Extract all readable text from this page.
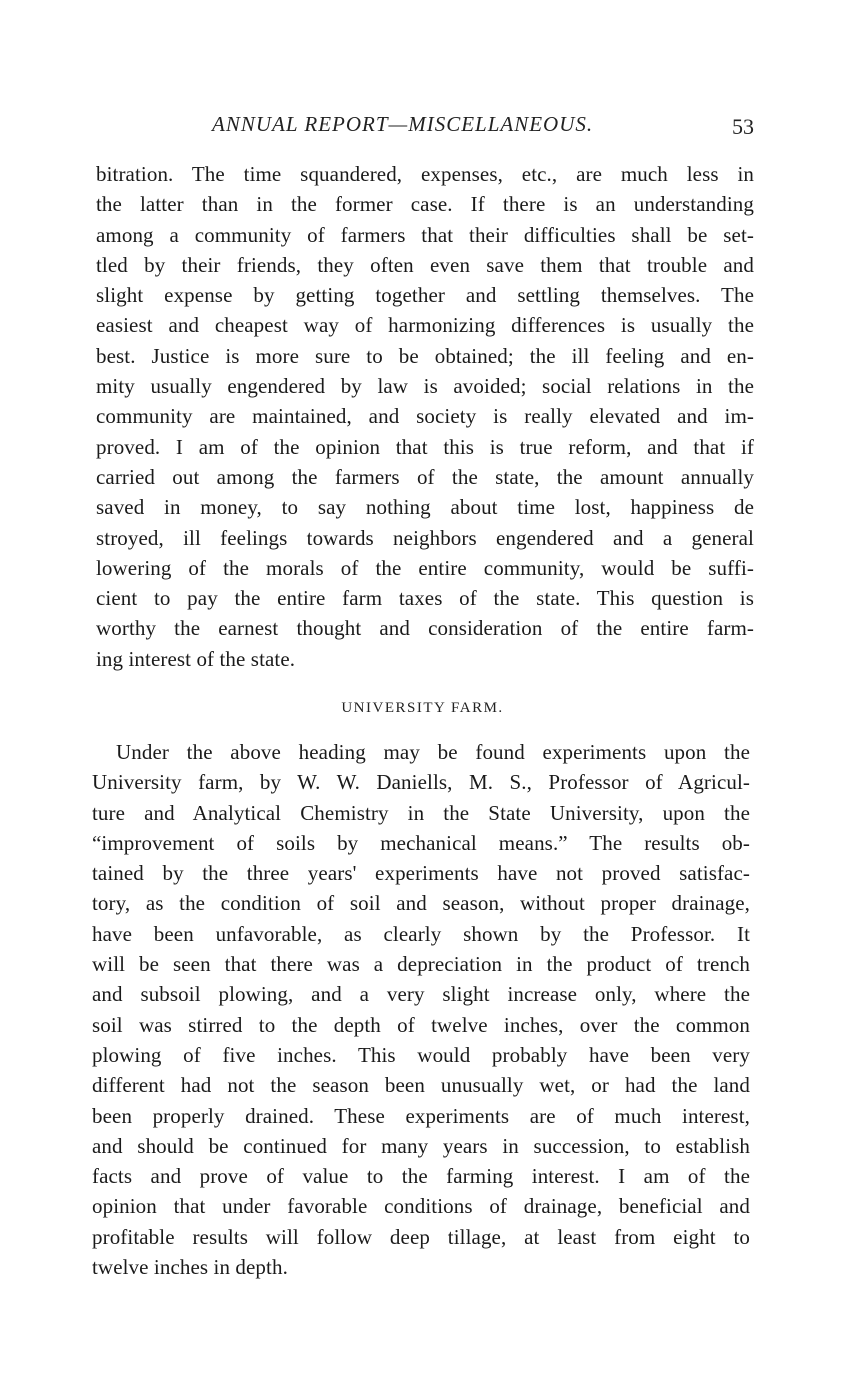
ANNUAL REPORT—MISCELLANEOUS.	53
bitration. The time squandered, expenses, etc., are much less in
the latter than in the former case. If there is an understanding
among a community of farmers that their difficulties shall be set-
tled by their friends, they often even save them that trouble and
slight expense by getting together and settling themselves. The
easiest and cheapest way of harmonizing differences is usually the
best. Justice is more sure to be obtained; the ill feeling and en-
mity usually engendered by law is avoided; social relations in the
community are maintained, and society is really elevated and im-
proved. I am of the opinion that this is true reform, and that if
carried out among the farmers of the state, the amount annually
saved in money, to say nothing about time lost, happiness de
stroyed, ill feelings towards neighbors engendered and a general
lowering of the morals of the entire community, would be suffi-
cient to pay the entire farm taxes of the state. This question is
worthy the earnest thought and consideration of the entire farm-
ing interest of the state.
UNIVERSITY FARM.
Under the above heading may be found experiments upon the
University farm, by W. W. Daniells, M. S., Professor of Agricul-
ture and Analytical Chemistry in the State University, upon the
“improvement of soils by mechanical means.” The results ob-
tained by the three years' experiments have not proved satisfac-
tory, as the condition of soil and season, without proper drainage,
have been unfavorable, as clearly shown by the Professor. It
will be seen that there was a depreciation in the product of trench
and subsoil plowing, and a very slight increase only, where the
soil was stirred to the depth of twelve inches, over the common
plowing of five inches. This would probably have been very
different had not the season been unusually wet, or had the land
been properly drained. These experiments are of much interest,
and should be continued for many years in succession, to establish
facts and prove of value to the farming interest. I am of the
opinion that under favorable conditions of drainage, beneficial and
profitable results will follow deep tillage, at least from eight to
twelve inches in depth.
